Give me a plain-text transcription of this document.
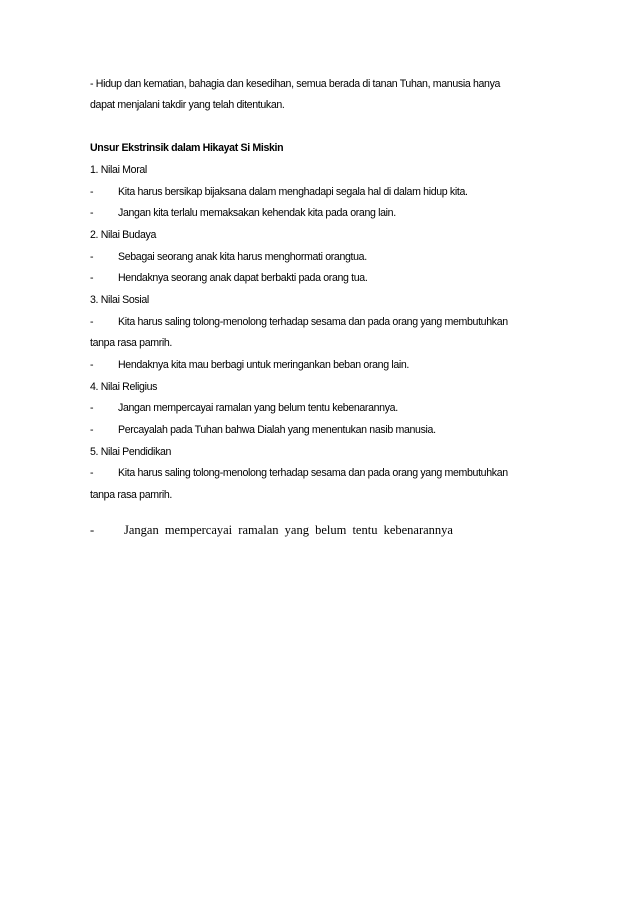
- Hidup dan kematian, bahagia dan kesedihan, semua berada di tanan Tuhan, manusia hanya
dapat menjalani takdir yang telah ditentukan.
Unsur Ekstrinsik dalam Hikayat Si Miskin
1. Nilai Moral
- Kita harus bersikap bijaksana dalam menghadapi segala hal di dalam hidup kita.
- Jangan kita terlalu memaksakan kehendak kita pada orang lain.
2. Nilai Budaya
- Sebagai seorang anak kita harus menghormati orangtua.
- Hendaknya seorang anak dapat berbakti pada orang tua.
3. Nilai Sosial
- Kita harus saling tolong-menolong terhadap sesama dan pada orang yang membutuhkan
tanpa rasa pamrih.
- Hendaknya kita mau berbagi untuk meringankan beban orang lain.
4. Nilai Religius
- Jangan mempercayai ramalan yang belum tentu kebenarannya.
- Percayalah pada Tuhan bahwa Dialah yang menentukan nasib manusia.
5. Nilai Pendidikan
- Kita harus saling tolong-menolong terhadap sesama dan pada orang yang membutuhkan
tanpa rasa pamrih.
- Jangan mempercayai ramalan yang belum tentu kebenarannya
